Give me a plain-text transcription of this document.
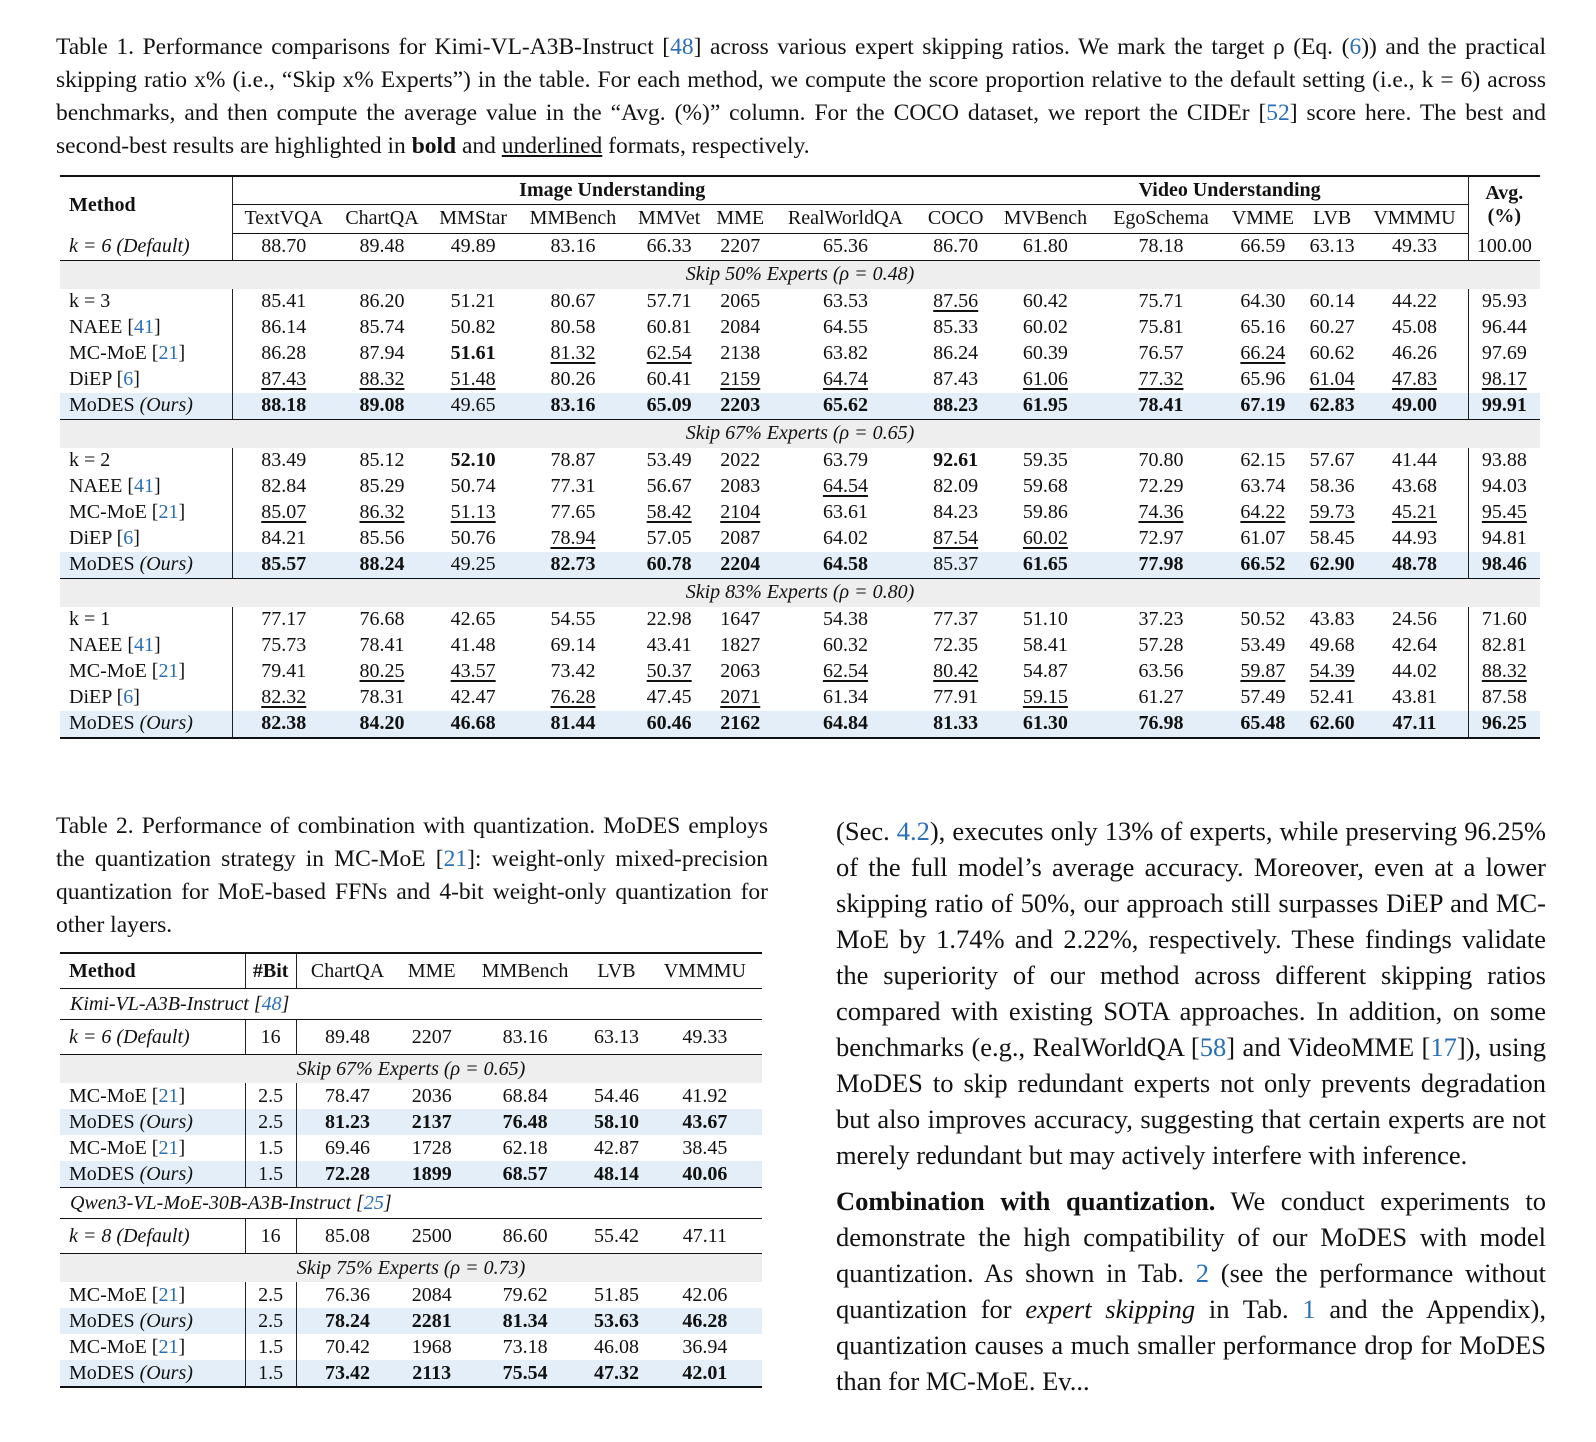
Table 1. Performance comparisons for Kimi-VL-A3B-Instruct [48] across various expert skipping ratios. We mark the target ρ (Eq. (6)) and the practical skipping ratio x% (i.e., “Skip x% Experts”) in the table. For each method, we compute the score proportion relative to the default setting (i.e., k = 6) across benchmarks, and then compute the average value in the “Avg. (%)” column. For the COCO dataset, we report the CIDEr [52] score here. The best and second-best results are highlighted in bold and underlined formats, respectively.
Method	Image Understanding								Video Understanding					Avg.
(%)
	TextVQA	ChartQA	MMStar	MMBench	MMVet	MME	RealWorldQA	COCO	MVBench	EgoSchema	VMME	LVB	VMMMU	
k = 6 (Default)	88.70	89.48	49.89	83.16	66.33	2207	65.36	86.70	61.80	78.18	66.59	63.13	49.33	100.00
Skip 50% Experts (ρ = 0.48)														
k = 3	85.41	86.20	51.21	80.67	57.71	2065	63.53	87.56	60.42	75.71	64.30	60.14	44.22	95.93
NAEE [41]	86.14	85.74	50.82	80.58	60.81	2084	64.55	85.33	60.02	75.81	65.16	60.27	45.08	96.44
MC-MoE [21]	86.28	87.94	51.61	81.32	62.54	2138	63.82	86.24	60.39	76.57	66.24	60.62	46.26	97.69
DiEP [6]	87.43	88.32	51.48	80.26	60.41	2159	64.74	87.43	61.06	77.32	65.96	61.04	47.83	98.17
MoDES (Ours)	88.18	89.08	49.65	83.16	65.09	2203	65.62	88.23	61.95	78.41	67.19	62.83	49.00	99.91
Skip 67% Experts (ρ = 0.65)														
k = 2	83.49	85.12	52.10	78.87	53.49	2022	63.79	92.61	59.35	70.80	62.15	57.67	41.44	93.88
NAEE [41]	82.84	85.29	50.74	77.31	56.67	2083	64.54	82.09	59.68	72.29	63.74	58.36	43.68	94.03
MC-MoE [21]	85.07	86.32	51.13	77.65	58.42	2104	63.61	84.23	59.86	74.36	64.22	59.73	45.21	95.45
DiEP [6]	84.21	85.56	50.76	78.94	57.05	2087	64.02	87.54	60.02	72.97	61.07	58.45	44.93	94.81
MoDES (Ours)	85.57	88.24	49.25	82.73	60.78	2204	64.58	85.37	61.65	77.98	66.52	62.90	48.78	98.46
Skip 83% Experts (ρ = 0.80)														
k = 1	77.17	76.68	42.65	54.55	22.98	1647	54.38	77.37	51.10	37.23	50.52	43.83	24.56	71.60
NAEE [41]	75.73	78.41	41.48	69.14	43.41	1827	60.32	72.35	58.41	57.28	53.49	49.68	42.64	82.81
MC-MoE [21]	79.41	80.25	43.57	73.42	50.37	2063	62.54	80.42	54.87	63.56	59.87	54.39	44.02	88.32
DiEP [6]	82.32	78.31	42.47	76.28	47.45	2071	61.34	77.91	59.15	61.27	57.49	52.41	43.81	87.58
MoDES (Ours)	82.38	84.20	46.68	81.44	60.46	2162	64.84	81.33	61.30	76.98	65.48	62.60	47.11	96.25
Table 2. Performance of combination with quantization. MoDES employs the quantization strategy in MC-MoE [21]: weight-only mixed-precision quantization for MoE-based FFNs and 4-bit weight-only quantization for other layers.
Method	#Bit	ChartQA	MME	MMBench	LVB	VMMMU
Kimi-VL-A3B-Instruct [48]						
k = 6 (Default)	16	89.48	2207	83.16	63.13	49.33
Skip 67% Experts (ρ = 0.65)						
MC-MoE [21]	2.5	78.47	2036	68.84	54.46	41.92
MoDES (Ours)	2.5	81.23	2137	76.48	58.10	43.67
MC-MoE [21]	1.5	69.46	1728	62.18	42.87	38.45
MoDES (Ours)	1.5	72.28	1899	68.57	48.14	40.06
Qwen3-VL-MoE-30B-A3B-Instruct [25]						
k = 8 (Default)	16	85.08	2500	86.60	55.42	47.11
Skip 75% Experts (ρ = 0.73)						
MC-MoE [21]	2.5	76.36	2084	79.62	51.85	42.06
MoDES (Ours)	2.5	78.24	2281	81.34	53.63	46.28
MC-MoE [21]	1.5	70.42	1968	73.18	46.08	36.94
MoDES (Ours)	1.5	73.42	2113	75.54	47.32	42.01

(Sec. 4.2), executes only 13% of experts, while preserving 96.25% of the full model’s average accuracy. Moreover, even at a lower skipping ratio of 50%, our approach still surpasses DiEP and MC-MoE by 1.74% and 2.22%, respectively. These findings validate the superiority of our method across different skipping ratios compared with existing SOTA approaches. In addition, on some benchmarks (e.g., RealWorldQA [58] and VideoMME [17]), using MoDES to skip redundant experts not only prevents degradation but also improves accuracy, suggesting that certain experts are not merely redundant but may actively interfere with inference.

Combination with quantization. We conduct experiments to demonstrate the high compatibility of our MoDES with model quantization. As shown in Tab. 2 (see the performance without quantization for expert skipping in Tab. 1 and the Appendix), quantization causes a much smaller performance drop for MoDES than for MC-MoE. Ev...
